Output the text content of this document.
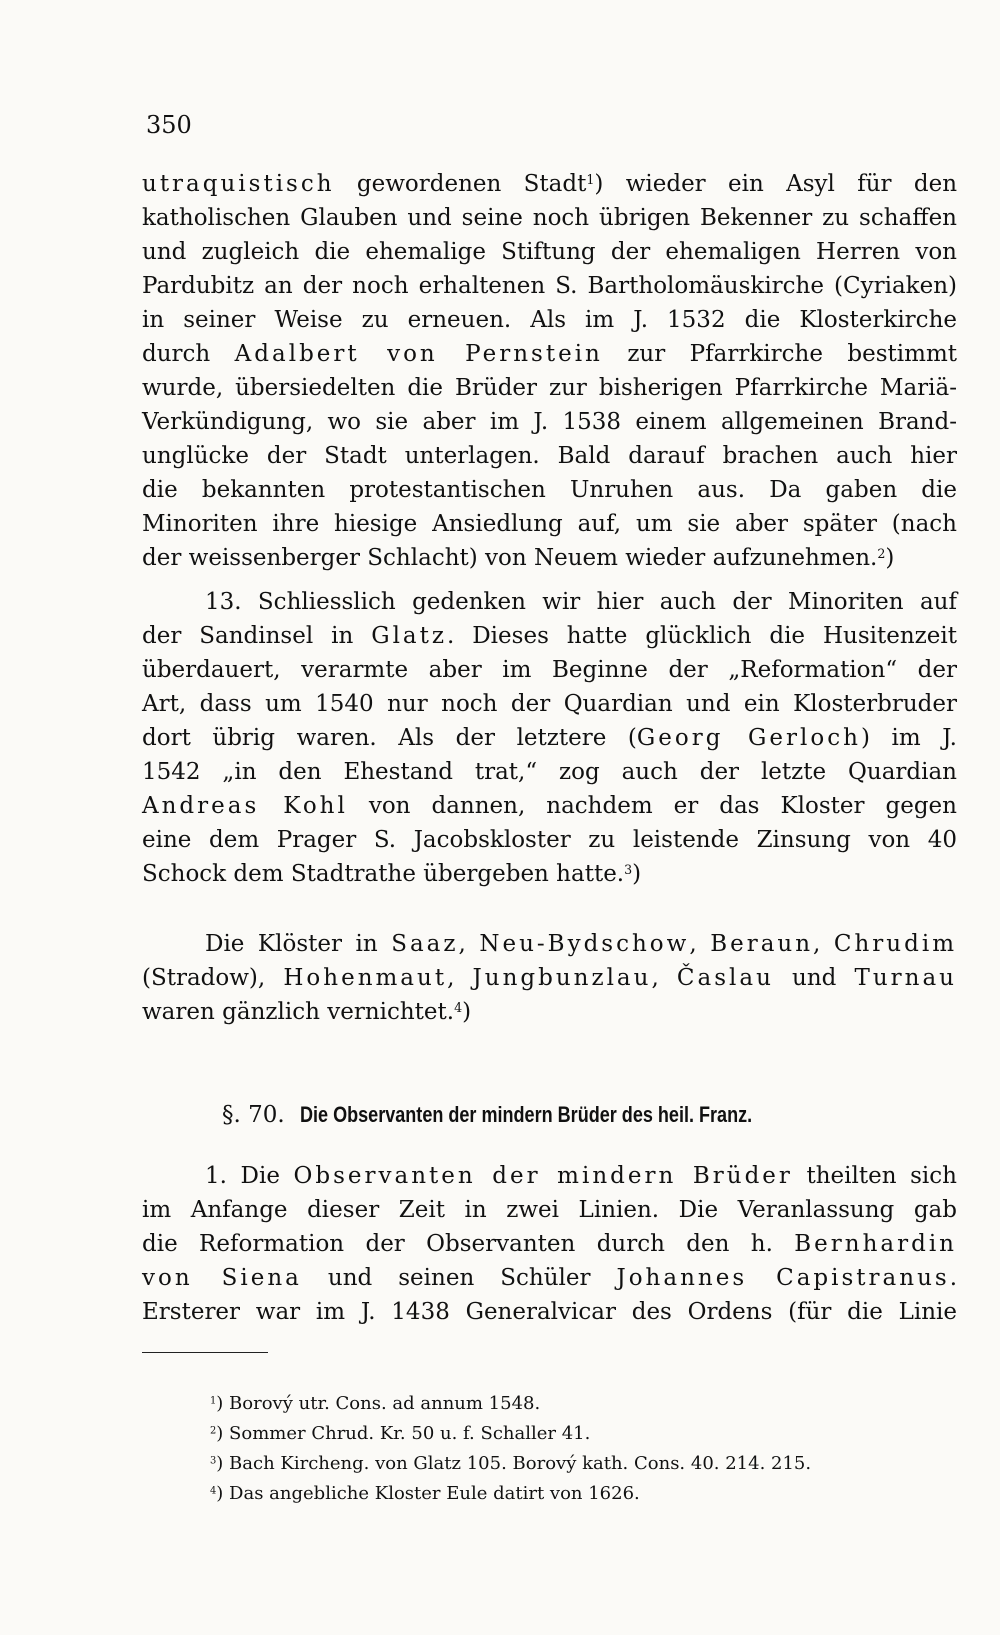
350
utraquistisch gewordenen Stadt$^1$) wieder ein Asyl für den
katholischen Glauben und seine noch übrigen Bekenner zu schaffen
und zugleich die ehemalige Stiftung der ehemaligen Herren von
Pardubitz an der noch erhaltenen S. Bartholomäuskirche (Cyriaken)
in seiner Weise zu erneuen. Als im J. 1532 die Klosterkirche
durch Adalbert von Pernstein zur Pfarrkirche bestimmt
wurde, übersiedelten die Brüder zur bisherigen Pfarrkirche Mariä-
Verkündigung, wo sie aber im J. 1538 einem allgemeinen Brand-
unglücke der Stadt unterlagen. Bald darauf brachen auch hier
die bekannten protestantischen Unruhen aus. Da gaben die
Minoriten ihre hiesige Ansiedlung auf, um sie aber später (nach
der weissenberger Schlacht) von Neuem wieder aufzunehmen.$^2$)
13. Schliesslich gedenken wir hier auch der Minoriten auf
der Sandinsel in Glatz. Dieses hatte glücklich die Husitenzeit
überdauert, verarmte aber im Beginne der „Reformation“ der
Art, dass um 1540 nur noch der Quardian und ein Klosterbruder
dort übrig waren. Als der letztere (Georg Gerloch) im J.
1542 „in den Ehestand trat,“ zog auch der letzte Quardian
Andreas Kohl von dannen, nachdem er das Kloster gegen
eine dem Prager S. Jacobskloster zu leistende Zinsung von 40
Schock dem Stadtrathe übergeben hatte.$^3$)
Die Klöster in Saaz, Neu-Bydschow, Beraun, Chrudim
(Stradow), Hohenmaut, Jungbunzlau, Časlau und Turnau
waren gänzlich vernichtet.$^4$)
§. 70. Die Observanten der mindern Brüder des heil. Franz.
1. Die Observanten der mindern Brüder theilten sich
im Anfange dieser Zeit in zwei Linien. Die Veranlassung gab
die Reformation der Observanten durch den h. Bernhardin
von Siena und seinen Schüler Johannes Capistranus.
Ersterer war im J. 1438 Generalvicar des Ordens (für die Linie
$^1$) Borový utr. Cons. ad annum 1548.
$^2$) Sommer Chrud. Kr. 50 u. f. Schaller 41.
$^3$) Bach Kircheng. von Glatz 105. Borový kath. Cons. 40. 214. 215.
$^4$) Das angebliche Kloster Eule datirt von 1626.
